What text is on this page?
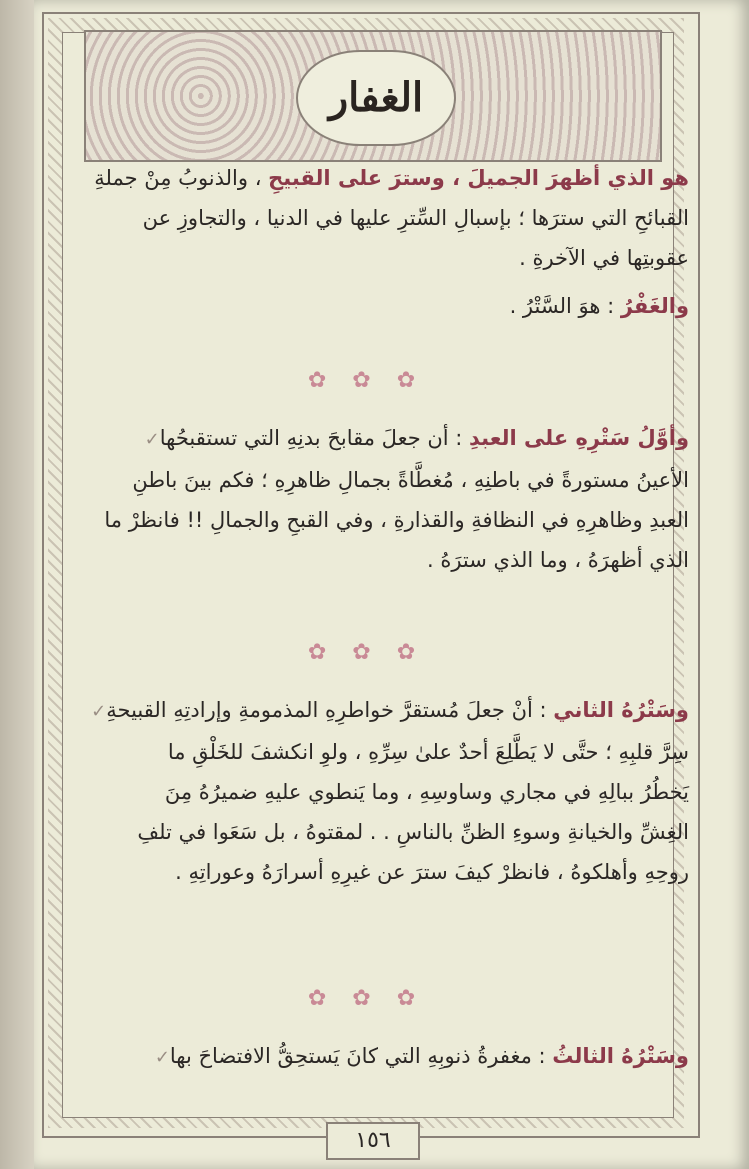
الغفار
هو الذي أظهرَ الجميلَ ، وسترَ على القبيحِ ، والذنوبُ مِنْ جملةِ
القبائحِ التي سترَها ؛ بإسبالِ السِّترِ عليها في الدنيا ، والتجاوزِ عن
عقوبتِها في الآخرةِ .
والغَفْرُ : هوَ السَّتْرُ .
✿✿✿
وأوَّلُ سَتْرِهِ على العبدِ : أن جعلَ مقابحَ بدنِهِ التي تستقبحُها✓
الأعينُ مستورةً في باطنِهِ ، مُغطَّاةً بجمالِ ظاهرِهِ ؛ فكم بينَ باطنِ
العبدِ وظاهرِهِ في النظافةِ والقذارةِ ، وفي القبحِ والجمالِ !! فانظرْ ما
الذي أظهرَهُ ، وما الذي سترَهُ .
✿✿✿
وسَتْرُهُ الثاني : أنْ جعلَ مُستقرَّ خواطرِهِ المذمومةِ وإرادتِهِ القبيحةِ✓
سِرَّ قلبِهِ ؛ حتَّى لا يَطَّلِعَ أحدٌ علىٰ سِرِّهِ ، ولوِ انكشفَ للخَلْقِ ما
يَخطُرُ ببالِهِ في مجاري وساوسِهِ ، وما يَنطوي عليهِ ضميرُهُ مِنَ
الغِشِّ والخيانةِ وسوءِ الظنِّ بالناسِ . . لمقتوهُ ، بل سَعَوا في تلفِ
روحِهِ وأهلكوهُ ، فانظرْ كيفَ سترَ عن غيرِهِ أسرارَهُ وعوراتِهِ .
✿✿✿
وسَتْرُهُ الثالثُ : مغفرةُ ذنوبِهِ التي كانَ يَستحِقُّ الافتضاحَ بها✓
١٥٦
